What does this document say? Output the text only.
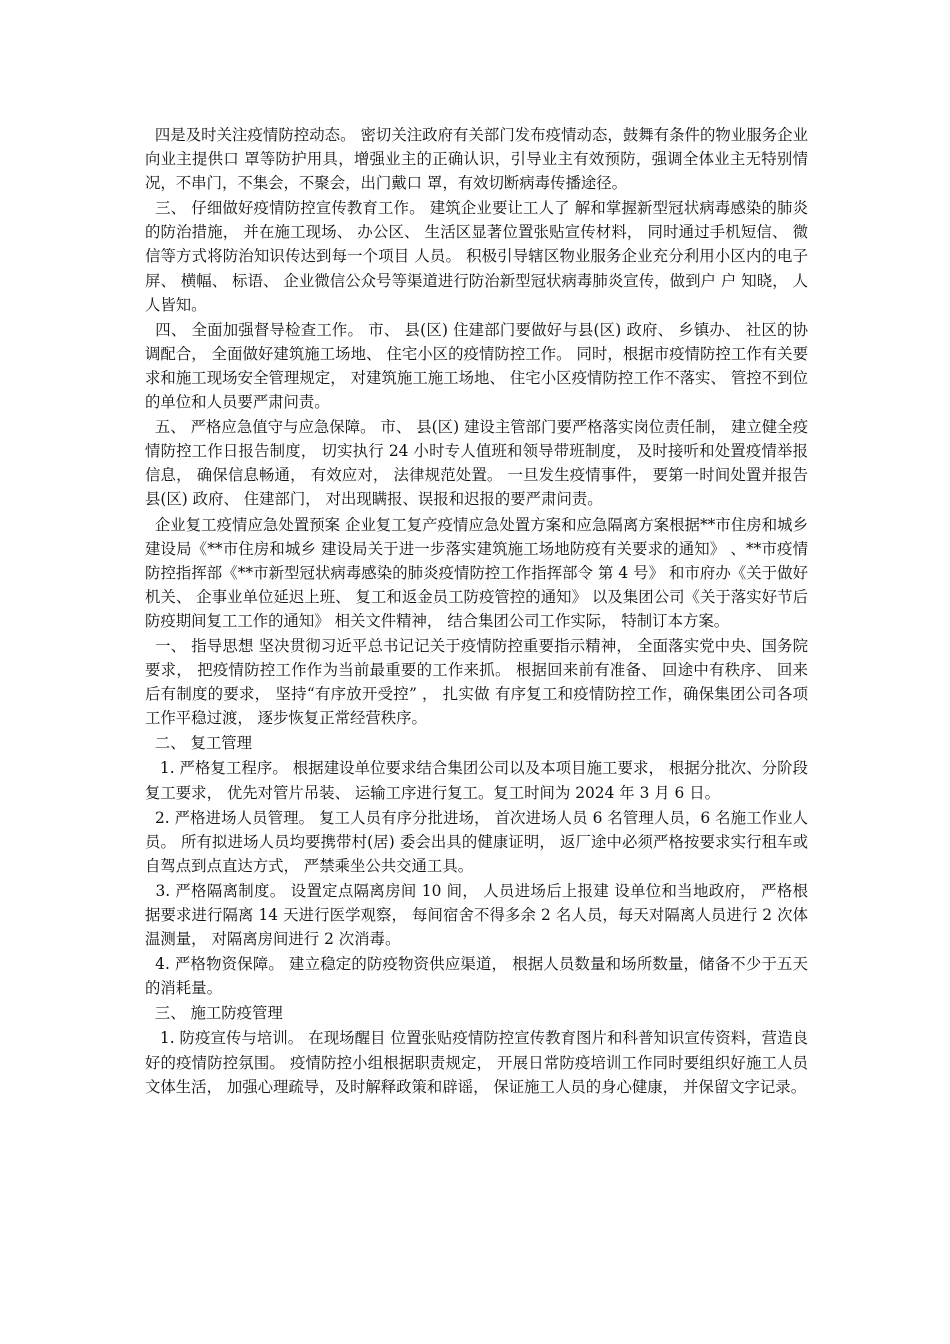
四是及时关注疫情防控动态。 密切关注政府有关部门发布疫情动态，鼓舞有条件的物业服务企业向业主提供口 罩等防护用具，增强业主的正确认识，引导业主有效预防，强调全体业主无特别情况，不串门，不集会，不聚会，出门戴口 罩，有效切断病毒传播途径。

三、 仔细做好疫情防控宣传教育工作。 建筑企业要让工人了 解和掌握新型冠状病毒感染的肺炎的防治措施， 并在施工现场、 办公区、 生活区显著位置张贴宣传材料， 同时通过手机短信、 微信等方式将防治知识传达到每一个项目 人员。 积极引导辖区物业服务企业充分利用小区内的电子屏、 横幅、 标语、 企业微信公众号等渠道进行防治新型冠状病毒肺炎宣传，做到户 户 知晓， 人人皆知。

四、 全面加强督导检查工作。 市、 县(区) 住建部门要做好与县(区) 政府、 乡镇办、 社区的协调配合， 全面做好建筑施工场地、 住宅小区的疫情防控工作。 同时，根据市疫情防控工作有关要求和施工现场安全管理规定， 对建筑施工施工场地、 住宅小区疫情防控工作不落实、 管控不到位的单位和人员要严肃问责。

五、 严格应急值守与应急保障。 市、 县(区) 建设主管部门要严格落实岗位责任制， 建立健全疫情防控工作日报告制度， 切实执行 24 小时专人值班和领导带班制度， 及时接听和处置疫情举报信息， 确保信息畅通， 有效应对， 法律规范处置。 一旦发生疫情事件， 要第一时间处置并报告县(区) 政府、 住建部门， 对出现瞒报、误报和迟报的要严肃问责。

企业复工疫情应急处置预案 企业复工复产疫情应急处置方案和应急隔离方案根据**市住房和城乡 建设局《**市住房和城乡 建设局关于进一步落实建筑施工场地防疫有关要求的通知》 、**市疫情防控指挥部《**市新型冠状病毒感染的肺炎疫情防控工作指挥部令 第 4 号》 和市府办《关于做好机关、 企事业单位延迟上班、 复工和返金员工防疫管控的通知》 以及集团公司《关于落实好节后防疫期间复工工作的通知》 相关文件精神， 结合集团公司工作实际， 特制订本方案。

一、 指导思想 坚决贯彻习近平总书记记关于疫情防控重要指示精神， 全面落实党中央、国务院要求， 把疫情防控工作作为当前最重要的工作来抓。 根据回来前有准备、 回途中有秩序、 回来后有制度的要求， 坚持“有序放开受控” ， 扎实做 有序复工和疫情防控工作，确保集团公司各项工作平稳过渡， 逐步恢复正常经营秩序。

二、 复工管理

1. 严格复工程序。 根据建设单位要求结合集团公司以及本项目施工要求， 根据分批次、分阶段复工要求， 优先对管片吊装、 运输工序进行复工。复工时间为 2024 年 3 月 6 日。

2. 严格进场人员管理。 复工人员有序分批进场， 首次进场人员 6 名管理人员，6 名施工作业人员。 所有拟进场人员均要携带村(居) 委会出具的健康证明， 返厂途中必须严格按要求实行租车或自驾点到点直达方式， 严禁乘坐公共交通工具。

3. 严格隔离制度。 设置定点隔离房间 10 间， 人员进场后上报建 设单位和当地政府， 严格根据要求进行隔离 14 天进行医学观察， 每间宿舍不得多余 2 名人员，每天对隔离人员进行 2 次体温测量， 对隔离房间进行 2 次消毒。

4. 严格物资保障。 建立稳定的防疫物资供应渠道， 根据人员数量和场所数量，储备不少于五天的消耗量。

三、 施工防疫管理

1. 防疫宣传与培训。 在现场醒目 位置张贴疫情防控宣传教育图片和科普知识宣传资料，营造良好的疫情防控氛围。 疫情防控小组根据职责规定， 开展日常防疫培训工作同时要组织好施工人员文体生活， 加强心理疏导，及时解释政策和辟谣， 保证施工人员的身心健康， 并保留文字记录。
